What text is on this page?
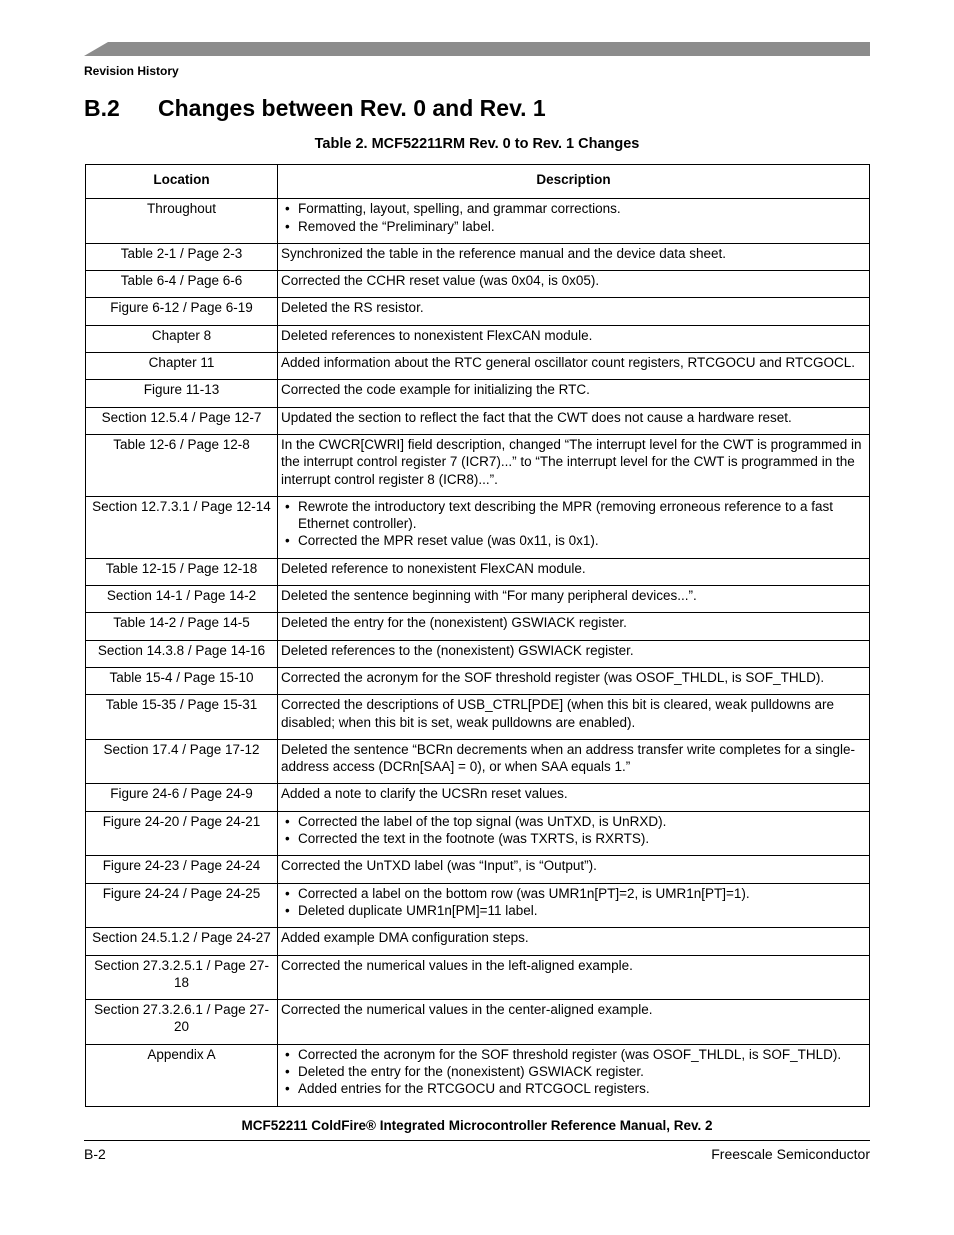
Revision History
B.2 Changes between Rev. 0 and Rev. 1
Table 2. MCF52211RM Rev. 0 to Rev. 1 Changes
Location	Description
Throughout	• Formatting, layout, spelling, and grammar corrections.
• Removed the “Preliminary” label.

Table 2-1 / Page 2-3	Synchronized the table in the reference manual and the device data sheet.
Table 6-4 / Page 6-6	Corrected the CCHR reset value (was 0x04, is 0x05).
Figure 6-12 / Page 6-19	Deleted the RS resistor.
Chapter 8	Deleted references to nonexistent FlexCAN module.
Chapter 11	Added information about the RTC general oscillator count registers, RTCGOCU and RTCGOCL.
Figure 11-13	Corrected the code example for initializing the RTC.
Section 12.5.4 / Page 12-7	Updated the section to reflect the fact that the CWT does not cause a hardware reset.
Table 12-6 / Page 12-8	In the CWCR[CWRI] field description, changed “The interrupt level for the CWT is programmed in the interrupt control register 7 (ICR7)...” to “The interrupt level for the CWT is programmed in the interrupt control register 8 (ICR8)...”.
Section 12.7.3.1 / Page 12-14	• Rewrote the introductory text describing the MPR (removing erroneous reference to a fast Ethernet controller).
• Corrected the MPR reset value (was 0x11, is 0x1).

Table 12-15 / Page 12-18	Deleted reference to nonexistent FlexCAN module.
Section 14-1 / Page 14-2	Deleted the sentence beginning with “For many peripheral devices...”.
Table 14-2 / Page 14-5	Deleted the entry for the (nonexistent) GSWIACK register.
Section 14.3.8 / Page 14-16	Deleted references to the (nonexistent) GSWIACK register.
Table 15-4 / Page 15-10	Corrected the acronym for the SOF threshold register (was OSOF_THLDL, is SOF_THLD).
Table 15-35 / Page 15-31	Corrected the descriptions of USB_CTRL[PDE] (when this bit is cleared, weak pulldowns are disabled; when this bit is set, weak pulldowns are enabled).
Section 17.4 / Page 17-12	Deleted the sentence “BCRn decrements when an address transfer write completes for a single-address access (DCRn[SAA] = 0), or when SAA equals 1.”
Figure 24-6 / Page 24-9	Added a note to clarify the UCSRn reset values.
Figure 24-20 / Page 24-21	• Corrected the label of the top signal (was UnTXD, is UnRXD).
• Corrected the text in the footnote (was TXRTS, is RXRTS).

Figure 24-23 / Page 24-24	Corrected the UnTXD label (was “Input”, is “Output”).
Figure 24-24 / Page 24-25	• Corrected a label on the bottom row (was UMR1n[PT]=2, is UMR1n[PT]=1).
• Deleted duplicate UMR1n[PM]=11 label.

Section 24.5.1.2 / Page 24-27	Added example DMA configuration steps.
Section 27.3.2.5.1 / Page 27-18	Corrected the numerical values in the left-aligned example.
Section 27.3.2.6.1 / Page 27-20	Corrected the numerical values in the center-aligned example.
Appendix A	• Corrected the acronym for the SOF threshold register (was OSOF_THLDL, is SOF_THLD).
• Deleted the entry for the (nonexistent) GSWIACK register.
• Added entries for the RTCGOCU and RTCGOCL registers.
MCF52211 ColdFire® Integrated Microcontroller Reference Manual, Rev. 2
B-2	Freescale Semiconductor
